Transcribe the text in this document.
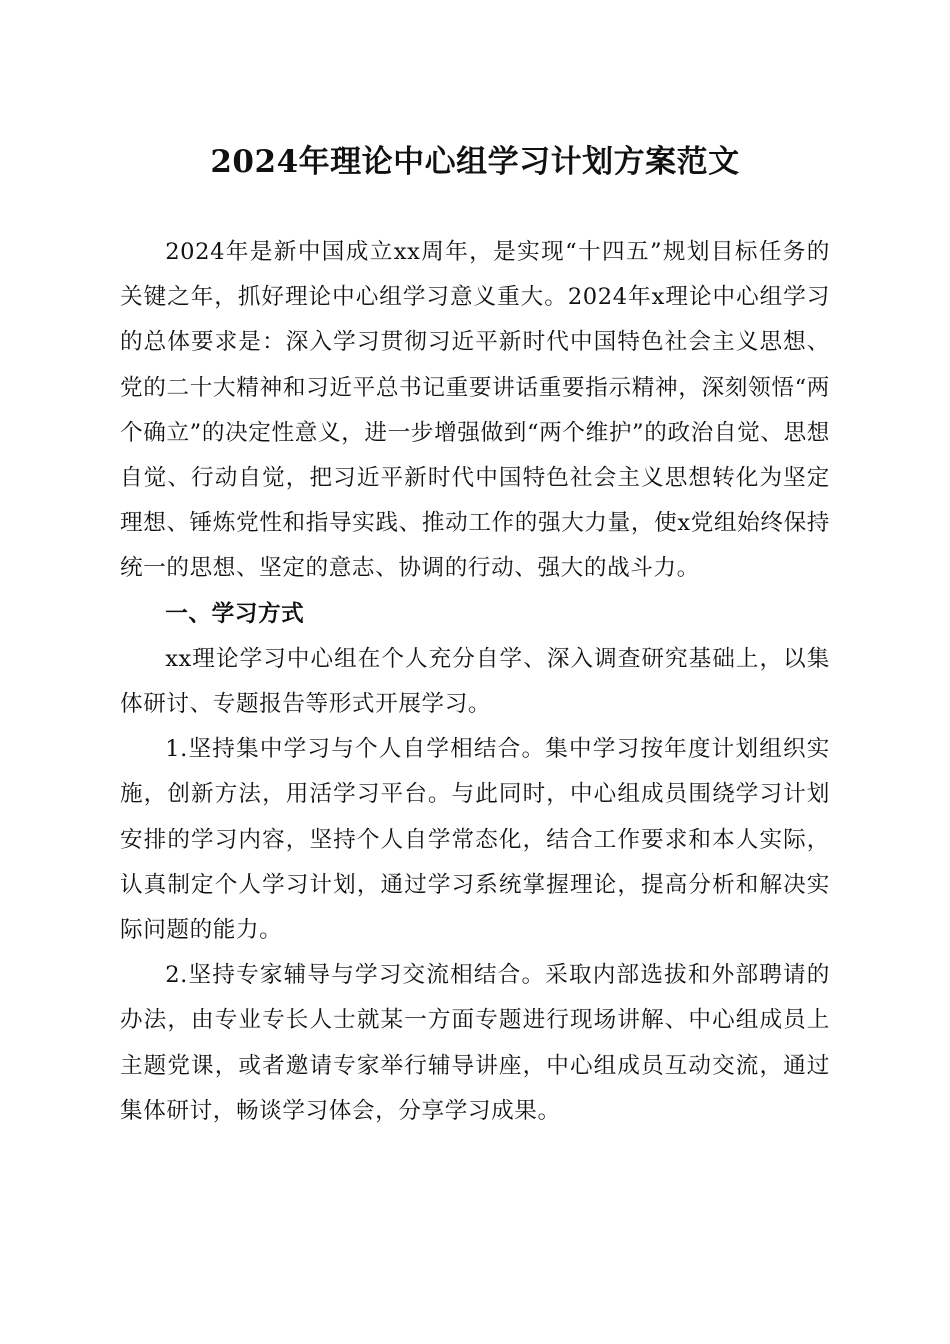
2024年理论中心组学习计划方案范文

2024年是新中国成立xx周年，是实现“十四五”规划目标任务的关键之年，抓好理论中心组学习意义重大。2024年x理论中心组学习的总体要求是：深入学习贯彻习近平新时代中国特色社会主义思想、党的二十大精神和习近平总书记重要讲话重要指示精神，深刻领悟“两个确立”的决定性意义，进一步增强做到“两个维护”的政治自觉、思想自觉、行动自觉，把习近平新时代中国特色社会主义思想转化为坚定理想、锤炼党性和指导实践、推动工作的强大力量，使x党组始终保持统一的思想、坚定的意志、协调的行动、强大的战斗力。

一、学习方式

xx理论学习中心组在个人充分自学、深入调查研究基础上，以集体研讨、专题报告等形式开展学习。

1.坚持集中学习与个人自学相结合。集中学习按年度计划组织实施，创新方法，用活学习平台。与此同时，中心组成员围绕学习计划安排的学习内容，坚持个人自学常态化，结合工作要求和本人实际，认真制定个人学习计划，通过学习系统掌握理论，提高分析和解决实际问题的能力。

2.坚持专家辅导与学习交流相结合。采取内部选拔和外部聘请的办法，由专业专长人士就某一方面专题进行现场讲解、中心组成员上主题党课，或者邀请专家举行辅导讲座，中心组成员互动交流，通过集体研讨，畅谈学习体会，分享学习成果。
